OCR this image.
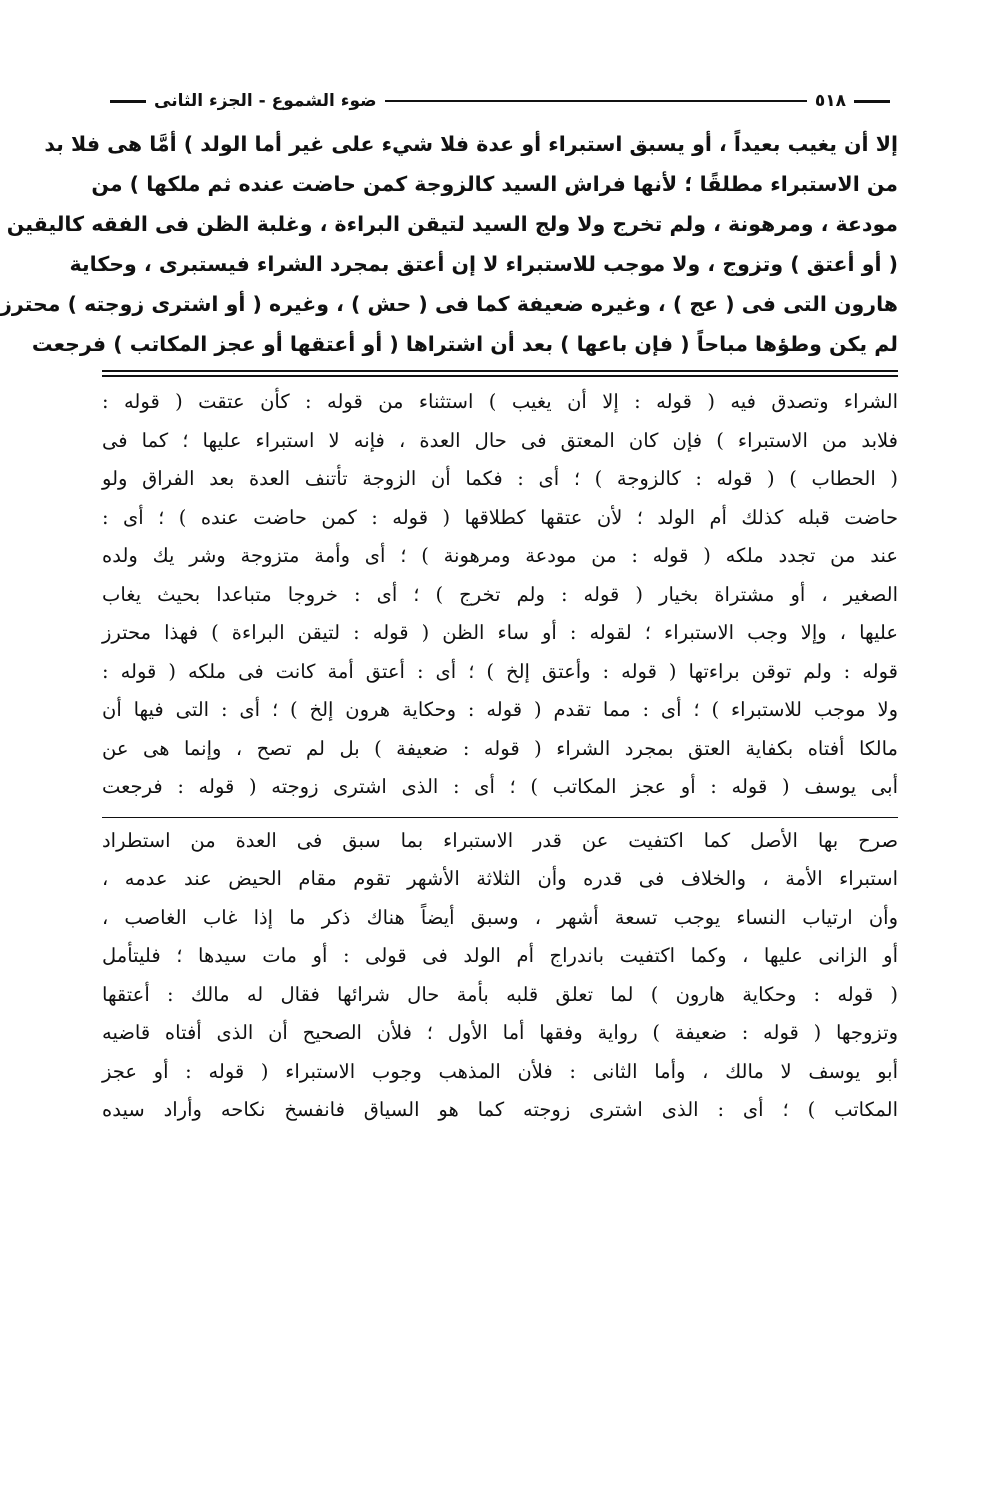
٥١٨
ضوء الشموع - الجزء الثانى

إلا أن يغيب بعيداً ، أو يسبق استبراء أو عدة فلا شيء على غير أما الولد ) أمَّا هى فلا بد

من الاستبراء مطلقًا ؛ لأنها فراش السيد كالزوجة كمن حاضت عنده ثم ملكها ) من

مودعة ، ومرهونة ، ولم تخرج ولا ولج السيد لتيقن البراءة ، وغلبة الظن فى الفقه كاليقين

( أو أعتق ) وتزوج ، ولا موجب للاستبراء لا إن أعتق بمجرد الشراء فيستبرى ، وحكاية

هارون التى فى ( عج ) ، وغيره ضعيفة كما فى ( حش ) ، وغيره ( أو اشترى زوجته ) محترز

لم يكن وطؤها مباحاً ( فإن باعها ) بعد أن اشتراها ( أو أعتقها أو عجز المكاتب ) فرجعت

الشراء وتصدق فيه ( قوله : إلا أن يغيب ) استثناء من قوله : كأن عتقت ( قوله :

فلابد من الاستبراء ) فإن كان المعتق فى حال العدة ، فإنه لا استبراء عليها ؛ كما فى

( الحطاب ) ( قوله : كالزوجة ) ؛ أى : فكما أن الزوجة تأتنف العدة بعد الفراق ولو

حاضت قبله كذلك أم الولد ؛ لأن عتقها كطلاقها ( قوله : كمن حاضت عنده ) ؛ أى :

عند من تجدد ملكه ( قوله : من مودعة ومرهونة ) ؛ أى وأمة متزوجة وشر يك ولده

الصغير ، أو مشتراة بخيار ( قوله : ولم تخرج ) ؛ أى : خروجا متباعدا بحيث يغاب

عليها ، وإلا وجب الاستبراء ؛ لقوله : أو ساء الظن ( قوله : لتيقن البراءة ) فهذا محترز

قوله : ولم توقن براءتها ( قوله : وأعتق إلخ ) ؛ أى : أعتق أمة كانت فى ملكه ( قوله :

ولا موجب للاستبراء ) ؛ أى : مما تقدم ( قوله : وحكاية هرون إلخ ) ؛ أى : التى فيها أن

مالكا أفتاه بكفاية العتق بمجرد الشراء ( قوله : ضعيفة ) بل لم تصح ، وإنما هى عن

أبى يوسف ( قوله : أو عجز المكاتب ) ؛ أى : الذى اشترى زوجته ( قوله : فرجعت

صرح بها الأصل كما اكتفيت عن قدر الاستبراء بما سبق فى العدة من استطراد

استبراء الأمة ، والخلاف فى قدره وأن الثلاثة الأشهر تقوم مقام الحيض عند عدمه ،

وأن ارتياب النساء يوجب تسعة أشهر ، وسبق أيضاً هناك ذكر ما إذا غاب الغاصب ،

أو الزانى عليها ، وكما اكتفيت باندراج أم الولد فى قولى : أو مات سيدها ؛ فليتأمل

( قوله : وحكاية هارون ) لما تعلق قلبه بأمة حال شرائها فقال له مالك : أعتقها

وتزوجها ( قوله : ضعيفة ) رواية وفقها أما الأول ؛ فلأن الصحيح أن الذى أفتاه قاضيه

أبو يوسف لا مالك ، وأما الثانى : فلأن المذهب وجوب الاستبراء ( قوله : أو عجز

المكاتب ) ؛ أى : الذى اشترى زوجته كما هو السياق فانفسخ نكاحه وأراد سيده
